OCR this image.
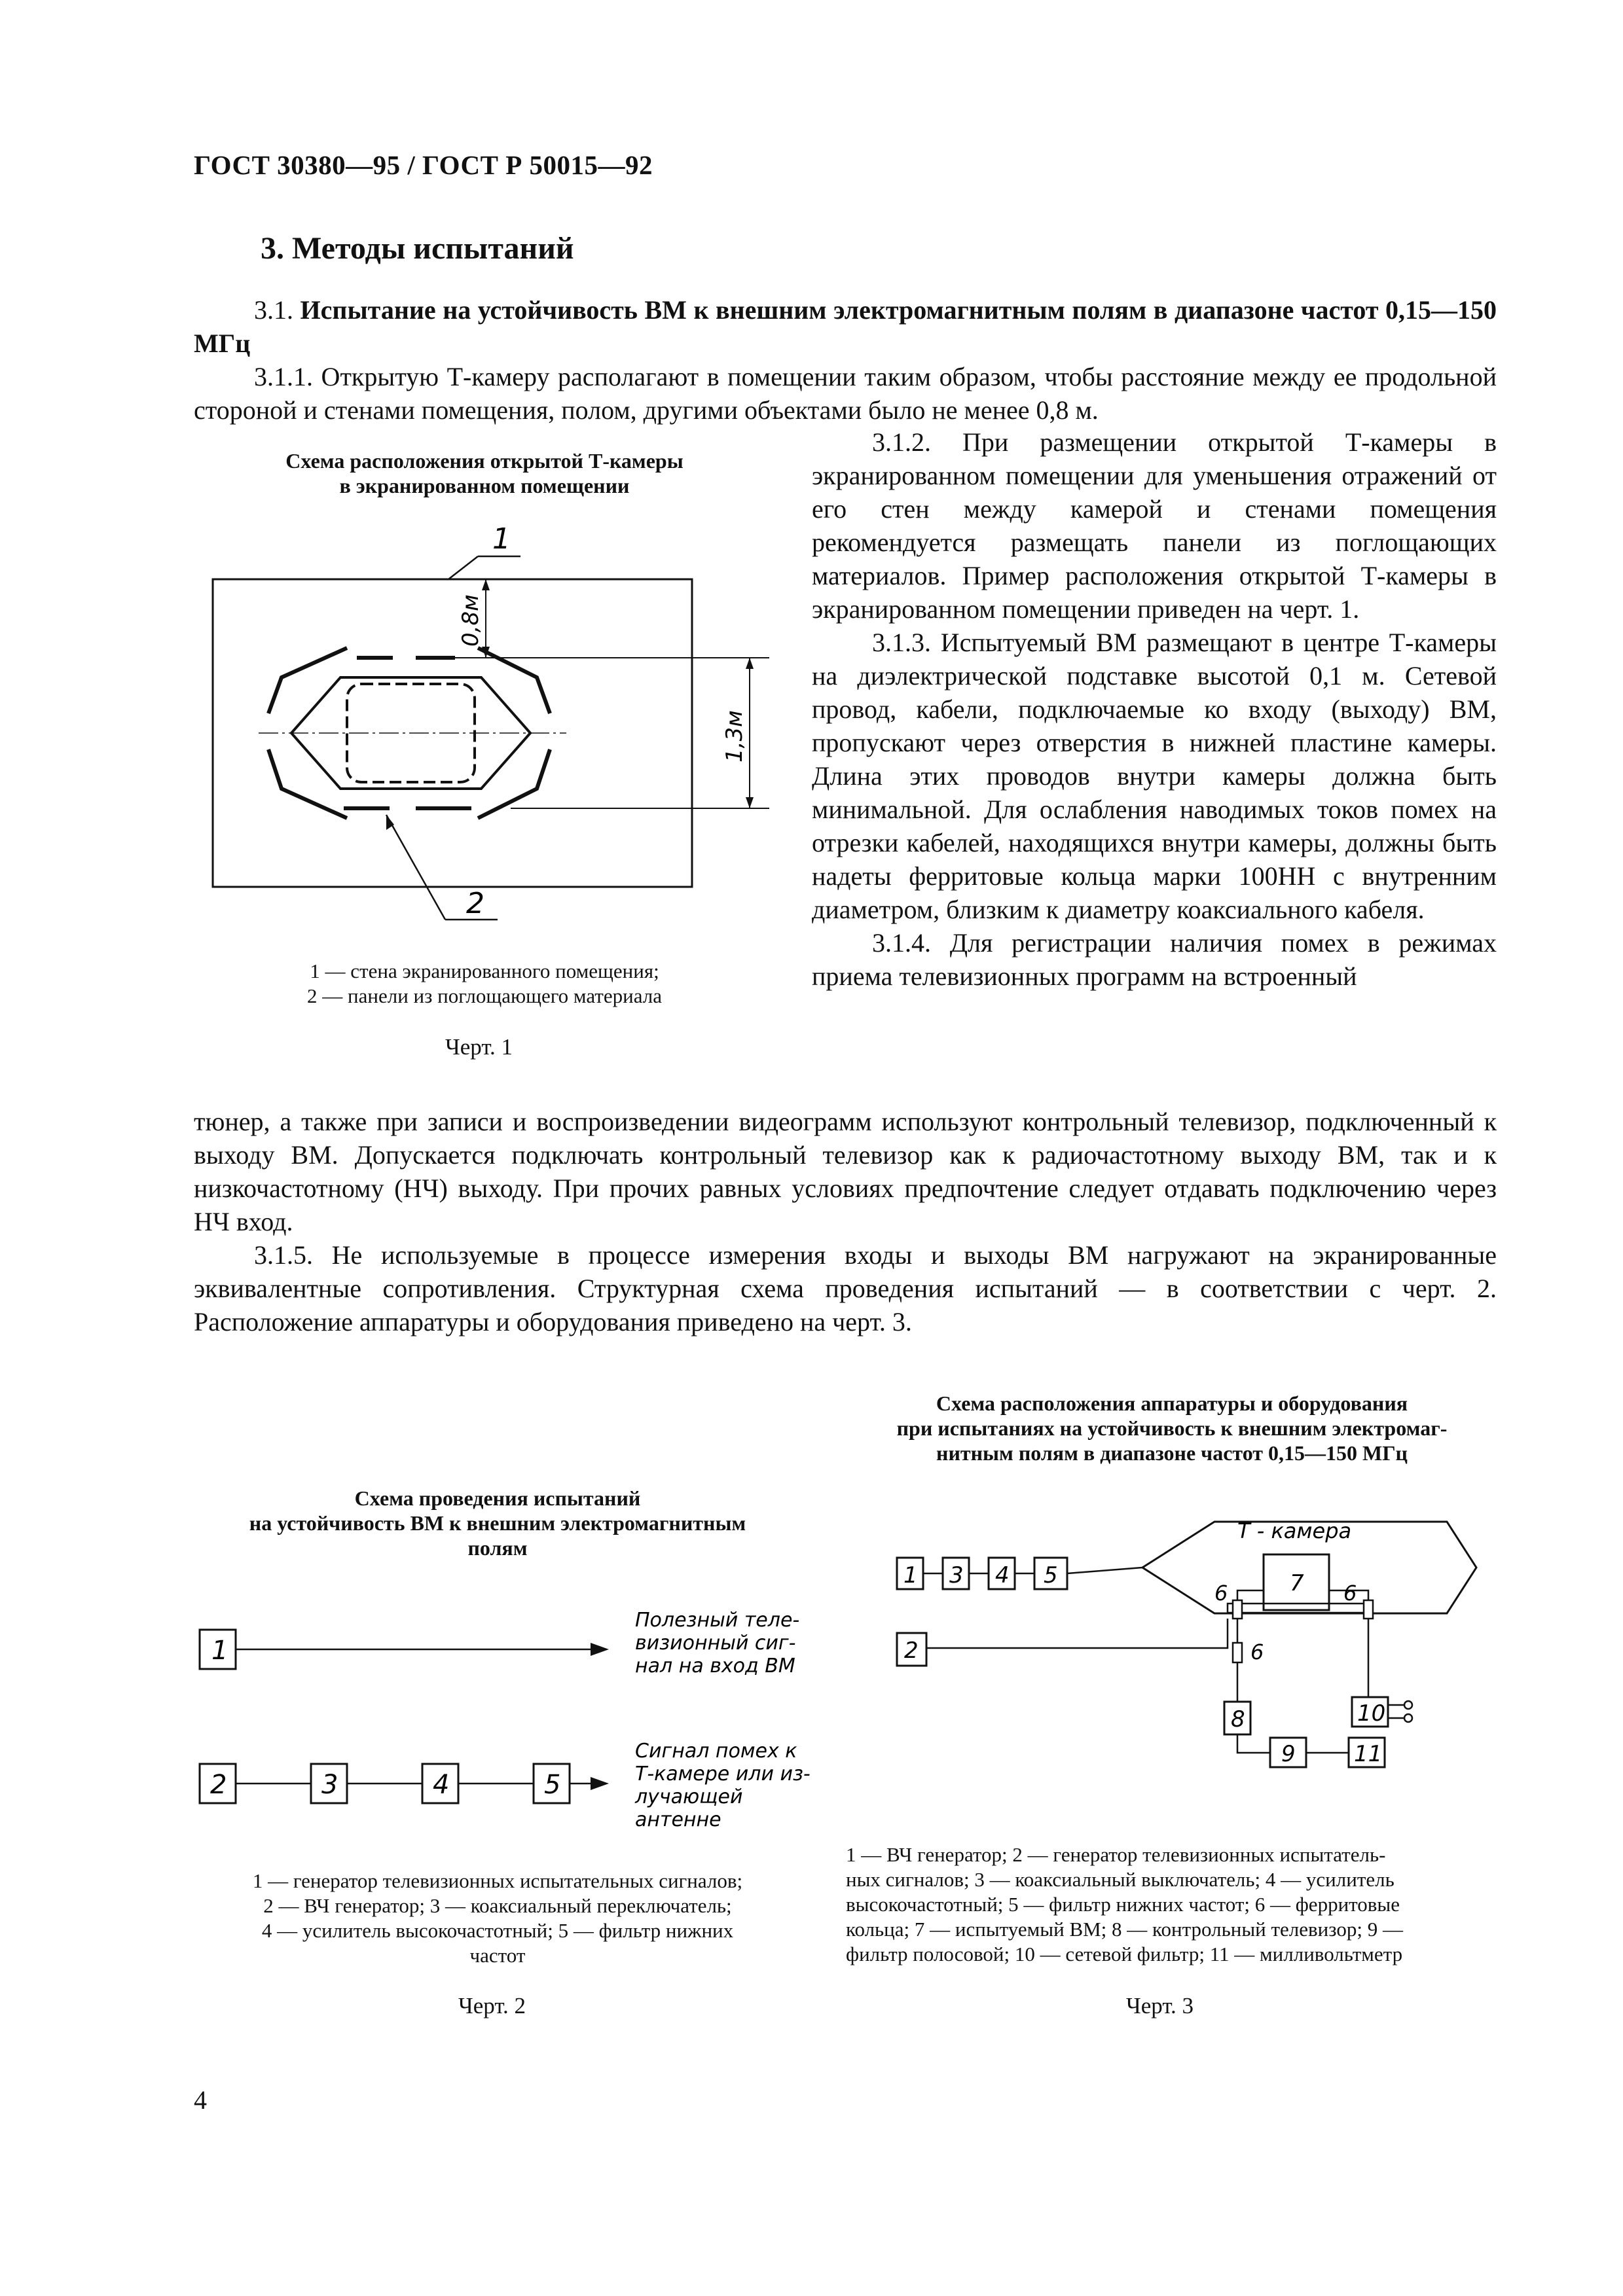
ГОСТ 30380—95 / ГОСТ Р 50015—92
3. Методы испытаний

3.1. Испытание на устойчивость ВМ к внешним электромагнитным полям в диапазоне частот 0,15—150 МГц

3.1.1. Открытую Т-камеру располагают в помещении таким образом, чтобы расстояние между ее продольной стороной и стенами помещения, полом, другими объектами было не менее 0,8 м.

3.1.2. При размещении открытой Т-камеры в экранированном помещении для уменьшения отражений от его стен между камерой и стенами помещения рекомендуется размещать панели из поглощающих материалов. Пример расположения открытой Т-камеры в экранированном помещении приведен на черт. 1.

3.1.3. Испытуемый ВМ размещают в центре Т-камеры на диэлектрической подставке высотой 0,1 м. Сетевой провод, кабели, подключаемые ко входу (выходу) ВМ, пропускают через отверстия в нижней пластине камеры. Длина этих проводов внутри камеры должна быть минимальной. Для ослабления наводимых токов помех на отрезки кабелей, находящихся внутри камеры, должны быть надеты ферритовые кольца марки 100НН с внутренним диаметром, близким к диаметру коаксиального кабеля.

3.1.4. Для регистрации наличия помех в режимах приема телевизионных программ на встроенный

тюнер, а также при записи и воспроизведении видеограмм используют контрольный телевизор, подключенный к выходу ВМ. Допускается подключать контрольный телевизор как к радиочастотному выходу ВМ, так и к низкочастотному (НЧ) выходу. При прочих равных условиях предпочтение следует отдавать подключению через НЧ вход.

3.1.5. Не используемые в процессе измерения входы и выходы ВМ нагружают на экранированные эквивалентные сопротивления. Структурная схема проведения испытаний — в соответствии с черт. 2. Расположение аппаратуры и оборудования приведено на черт. 3.

Схема расположения открытой Т-камеры
в экранированном помещении
1
0,8м
1,3м
2
1 — стена экранированного помещения;
2 — панели из поглощающего материала
Черт. 1
Схема проведения испытаний
на устойчивость ВМ к внешним электромагнитным
полям
1
Полезный теле-
визионный сиг-
нал на вход ВМ
2	3	4	5
Сигнал помех к
Т-камере или из-
лучающей
антенне
1 — генератор телевизионных испытательных сигналов;
2 — ВЧ генератор; 3 — коаксиальный переключатель;
4 — усилитель высокочастотный; 5 — фильтр нижних
частот
Черт. 2
Схема расположения аппаратуры и оборудования
при испытаниях на устойчивость к внешним электромаг-
нитным полям в диапазоне частот 0,15—150 МГц
Т - камера
1 3 4 5	7
6	6
2	6
8
9	11
10
1 — ВЧ генератор; 2 — генератор телевизионных испытатель-
ных сигналов; 3 — коаксиальный выключатель; 4 — усилитель
высокочастотный; 5 — фильтр нижних частот; 6 — ферритовые
кольца; 7 — испытуемый ВМ; 8 — контрольный телевизор; 9 —
фильтр полосовой; 10 — сетевой фильтр; 11 — милливольтметр
Черт. 3
4
